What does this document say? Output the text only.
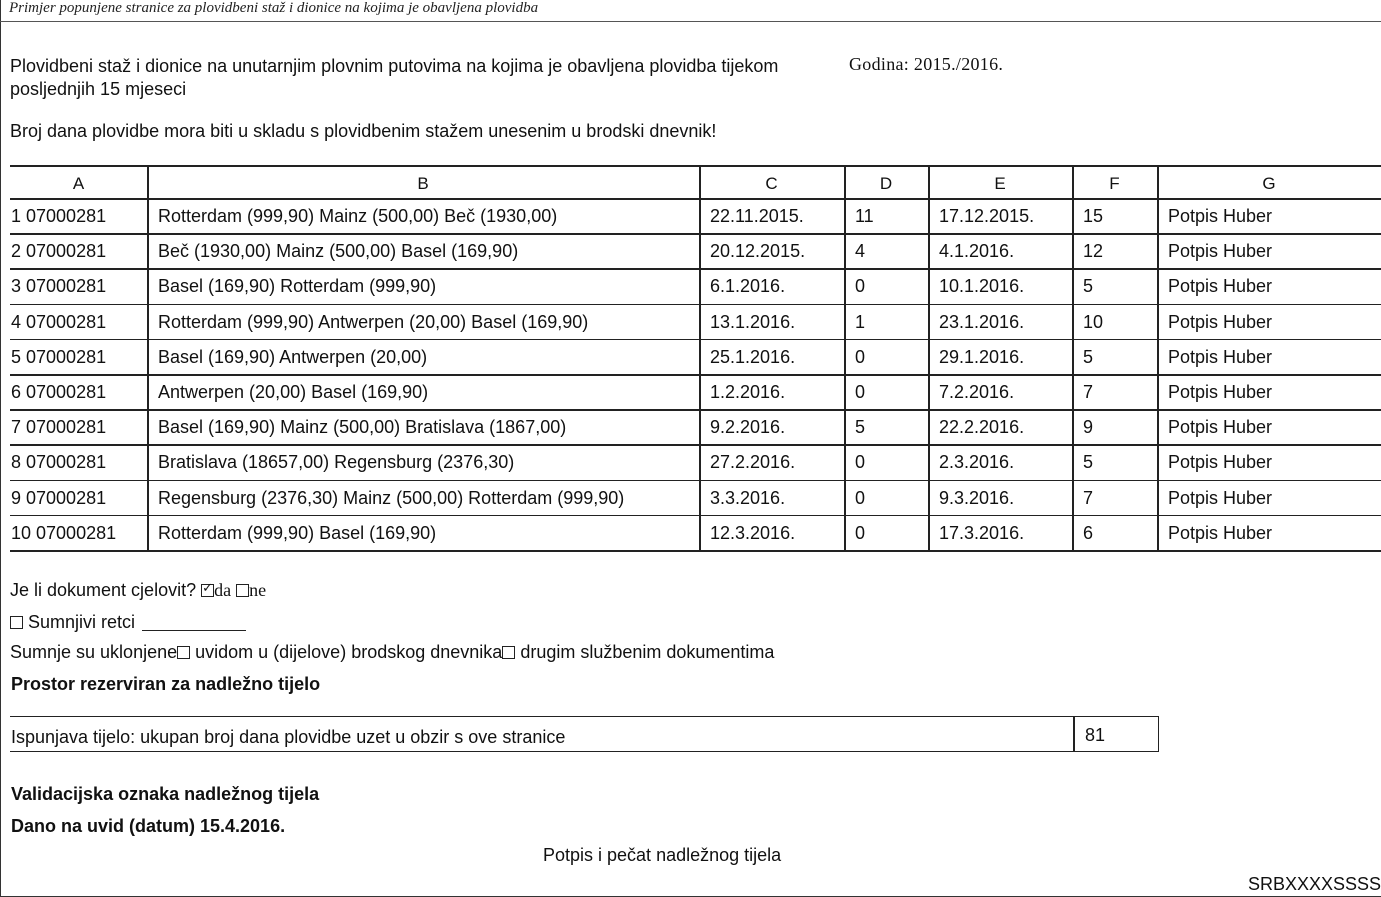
Primjer popunjene stranice za plovidbeni staž i dionice na kojima je obavljena plovidba
Plovidbeni staž i dionice na unutarnjim plovnim putovima na kojima je obavljena plovidba tijekom posljednjih 15 mjeseci
Godina: 2015./2016.
Broj dana plovidbe mora biti u skladu s plovidbenim stažem unesenim u brodski dnevnik!
A	B	C	D	E	F	G
1 07000281	Rotterdam (999,90) Mainz (500,00) Beč (1930,00)	22.11.2015.	11	17.12.2015.	15	Potpis Huber
2 07000281	Beč (1930,00) Mainz (500,00) Basel (169,90)	20.12.2015.	4	4.1.2016.	12	Potpis Huber
3 07000281	Basel (169,90) Rotterdam (999,90)	6.1.2016.	0	10.1.2016.	5	Potpis Huber
4 07000281	Rotterdam (999,90) Antwerpen (20,00) Basel (169,90)	13.1.2016.	1	23.1.2016.	10	Potpis Huber
5 07000281	Basel (169,90) Antwerpen (20,00)	25.1.2016.	0	29.1.2016.	5	Potpis Huber
6 07000281	Antwerpen (20,00) Basel (169,90)	1.2.2016.	0	7.2.2016.	7	Potpis Huber
7 07000281	Basel (169,90) Mainz (500,00) Bratislava (1867,00)	9.2.2016.	5	22.2.2016.	9	Potpis Huber
8 07000281	Bratislava (18657,00) Regensburg (2376,30)	27.2.2016.	0	2.3.2016.	5	Potpis Huber
9 07000281	Regensburg (2376,30) Mainz (500,00) Rotterdam (999,90)	3.3.2016.	0	9.3.2016.	7	Potpis Huber
10 07000281 Rotterdam (999,90) Basel (169,90)	12.3.2016.	0	17.3.2016.	6	Potpis Huber
Je li dokument cjelovit? ✓ da ne
Sumnjivi retci
Sumnje su uklonjene uvidom u (dijelove) brodskog dnevnika drugim službenim dokumentima
Prostor rezerviran za nadležno tijelo
Ispunjava tijelo: ukupan broj dana plovidbe uzet u obzir s ove stranice	81
Validacijska oznaka nadležnog tijela
Dano na uvid (datum) 15.4.2016.
Potpis i pečat nadležnog tijela
SRBXXXXSSSS
